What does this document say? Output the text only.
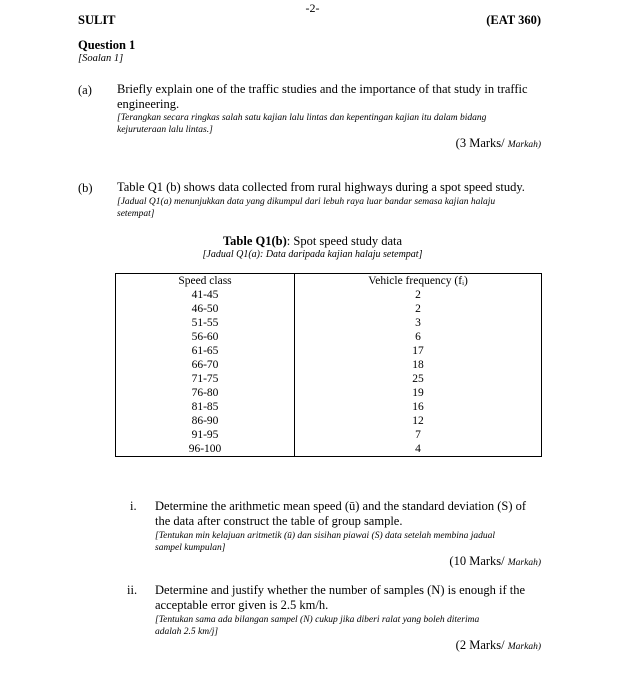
-2-
SULIT	(EAT 360)
Question 1
[Soalan 1]
(a) Briefly explain one of the traffic studies and the importance of that study in traffic
engineering.
[Terangkan secara ringkas salah satu kajian lalu lintas dan kepentingan kajian itu dalam bidang
kejuruteraan lalu lintas.]
(3 Marks/ Markah)
(b) Table Q1 (b) shows data collected from rural highways during a spot speed study.
[Jadual Q1(a) menunjukkan data yang dikumpul dari lebuh raya luar bandar semasa kajian halaju
setempat]
Table Q1(b): Spot speed study data
[Jadual Q1(a): Data daripada kajian halaju setempat]
Speed class	Vehicle frequency (fᵢ)
41-45	2
46-50	2
51-55	3
56-60	6
61-65	17
66-70	18
71-75	25
76-80	19
81-85	16
86-90	12
91-95	7
96-100	4
i. Determine the arithmetic mean speed (ū) and the standard deviation (S) of
the data after construct the table of group sample.
[Tentukan min kelajuan aritmetik (ū) dan sisihan piawai (S) data setelah membina jadual
sampel kumpulan]
(10 Marks/ Markah)
ii. Determine and justify whether the number of samples (N) is enough if the
acceptable error given is 2.5 km/h.
[Tentukan sama ada bilangan sampel (N) cukup jika diberi ralat yang boleh diterima
adalah 2.5 km/j]
(2 Marks/ Markah)
